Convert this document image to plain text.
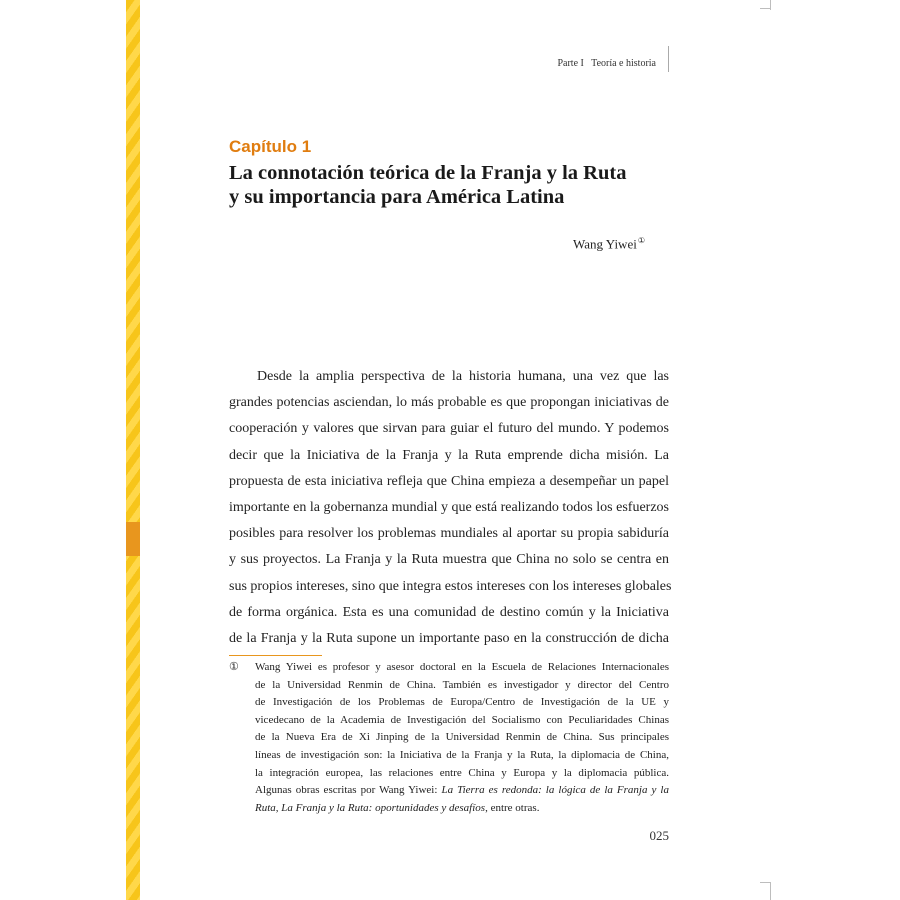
Parte I   Teoría e historia
Capítulo 1
La connotación teórica de la Franja y la Ruta
y su importancia para América Latina
Wang Yiwei①
Desde la amplia perspectiva de la historia humana, una vez que las
grandes potencias asciendan, lo más probable es que propongan iniciativas de
cooperación y valores que sirvan para guiar el futuro del mundo. Y podemos
decir que la Iniciativa de la Franja y la Ruta emprende dicha misión. La
propuesta de esta iniciativa refleja que China empieza a desempeñar un papel
importante en la gobernanza mundial y que está realizando todos los esfuerzos
posibles para resolver los problemas mundiales al aportar su propia sabiduría
y sus proyectos. La Franja y la Ruta muestra que China no solo se centra en
sus propios intereses, sino que integra estos intereses con los intereses globales
de forma orgánica. Esta es una comunidad de destino común y la Iniciativa
de la Franja y la Ruta supone un importante paso en la construcción de dicha
①	Wang Yiwei es profesor y asesor doctoral en la Escuela de Relaciones Internacionales
de la Universidad Renmin de China. También es investigador y director del Centro
de Investigación de los Problemas de Europa/Centro de Investigación de la UE y
vicedecano de la Academia de Investigación del Socialismo con Peculiaridades Chinas
de la Nueva Era de Xi Jinping de la Universidad Renmin de China. Sus principales
líneas de investigación son: la Iniciativa de la Franja y la Ruta, la diplomacia de China,
la integración europea, las relaciones entre China y Europa y la diplomacia pública.
Algunas obras escritas por Wang Yiwei: La Tierra es redonda: la lógica de la Franja y la
Ruta, La Franja y la Ruta: oportunidades y desafíos, entre otras.
025
